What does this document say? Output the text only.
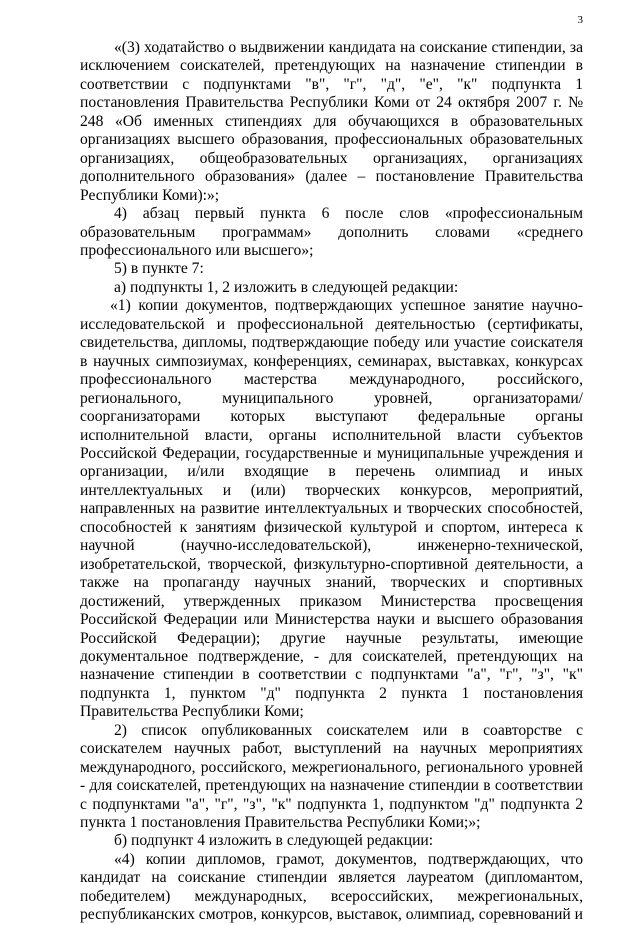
3

«(3) ходатайство о выдвижении кандидата на соискание стипендии, за исключением соискателей, претендующих на назначение стипендии в соответствии с подпунктами "в", "г", "д", "е", "к" подпункта 1 постановления Правительства Республики Коми от 24 октября 2007 г. № 248 «Об именных стипендиях для обучающихся в образовательных организациях высшего образования, профессиональных образовательных организациях, общеобразовательных организациях, организациях дополнительного образования» (далее – постановление Правительства Республики Коми):»;

4) абзац первый пункта 6 после слов «профессиональным образовательным программам» дополнить словами «среднего профессионального или высшего»;

5) в пункте 7:

а) подпункты 1, 2 изложить в следующей редакции:

«1) копии документов, подтверждающих успешное занятие научно-исследовательской и профессиональной деятельностью (сертификаты, свидетельства, дипломы, подтверждающие победу или участие соискателя в научных симпозиумах, конференциях, семинарах, выставках, конкурсах профессионального мастерства международного, российского, регионального, муниципального уровней, организаторами/соорганизаторами которых выступают федеральные органы исполнительной власти, органы исполнительной власти субъектов Российской Федерации, государственные и муниципальные учреждения и организации, и/или входящие в перечень олимпиад и иных интеллектуальных и (или) творческих конкурсов, мероприятий, направленных на развитие интеллектуальных и творческих способностей, способностей к занятиям физической культурой и спортом, интереса к научной (научно-исследовательской), инженерно-технической, изобретательской, творческой, физкультурно-спортивной деятельности, а также на пропаганду научных знаний, творческих и спортивных достижений, утвержденных приказом Министерства просвещения Российской Федерации или Министерства науки и высшего образования Российской Федерации); другие научные результаты, имеющие документальное подтверждение, - для соискателей, претендующих на назначение стипендии в соответствии с подпунктами "а", "г", "з", "к" подпункта 1, пунктом "д" подпункта 2 пункта 1 постановления Правительства Республики Коми;

2) список опубликованных соискателем или в соавторстве с соискателем научных работ, выступлений на научных мероприятиях международного, российского, межрегионального, регионального уровней - для соискателей, претендующих на назначение стипендии в соответствии с подпунктами "а", "г", "з", "к" подпункта 1, подпунктом "д" подпункта 2 пункта 1 постановления Правительства Республики Коми;»;

б) подпункт 4 изложить в следующей редакции:

«4) копии дипломов, грамот, документов, подтверждающих, что кандидат на соискание стипендии является лауреатом (дипломантом, победителем) международных, всероссийских, межрегиональных, республиканских смотров, конкурсов, выставок, олимпиад, соревнований и
